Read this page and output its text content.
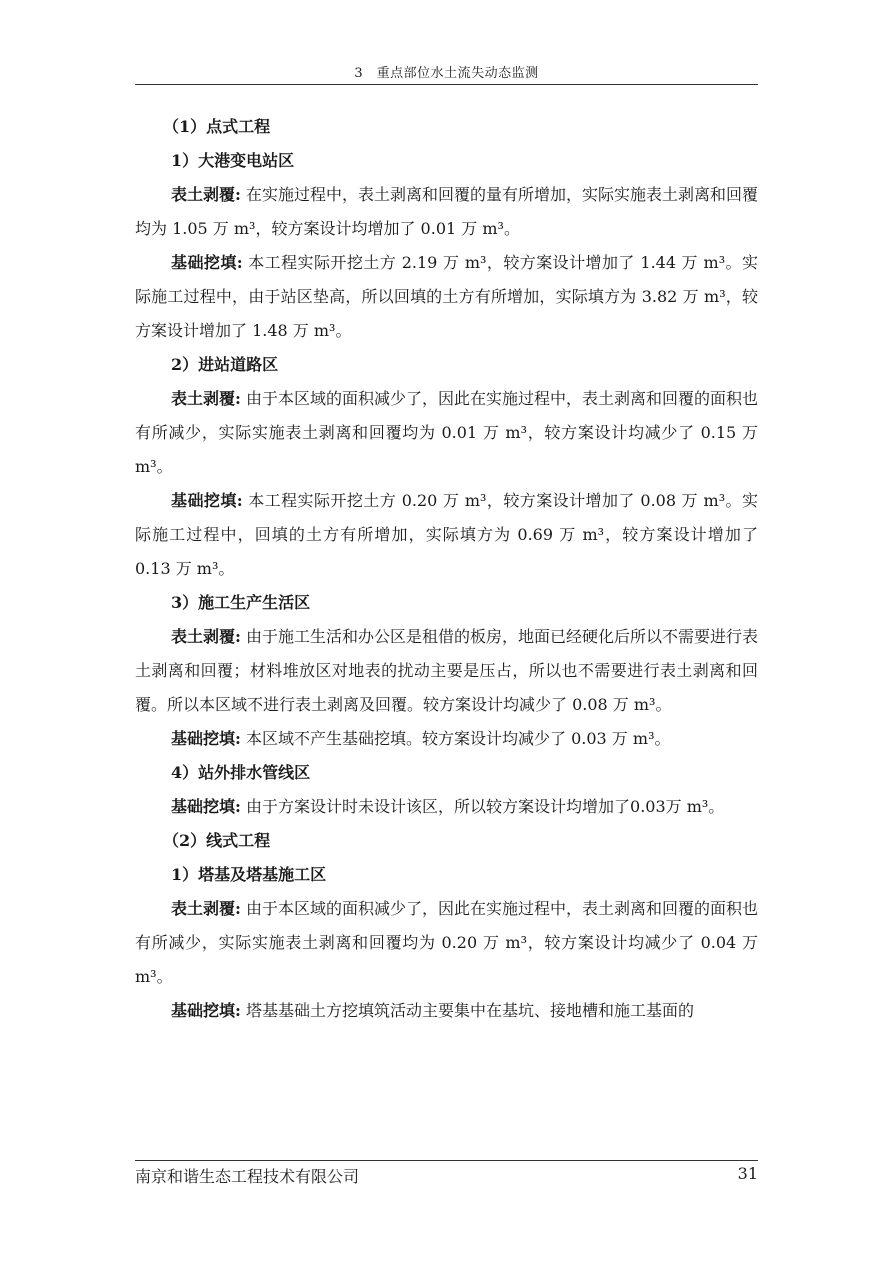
3　重点部位水土流失动态监测
（1）点式工程
1）大港变电站区

表土剥覆: 在实施过程中，表土剥离和回覆的量有所增加，实际实施表土剥离和回覆均为 1.05 万 m³，较方案设计均增加了 0.01 万 m³。

基础挖填: 本工程实际开挖土方 2.19 万 m³，较方案设计增加了 1.44 万 m³。实际施工过程中，由于站区垫高，所以回填的土方有所增加，实际填方为 3.82 万 m³，较方案设计增加了 1.48 万 m³。

2）进站道路区

表土剥覆: 由于本区域的面积减少了，因此在实施过程中，表土剥离和回覆的面积也有所减少，实际实施表土剥离和回覆均为 0.01 万 m³，较方案设计均减少了 0.15 万 m³。

基础挖填: 本工程实际开挖土方 0.20 万 m³，较方案设计增加了 0.08 万 m³。实际施工过程中，回填的土方有所增加，实际填方为 0.69 万 m³，较方案设计增加了 0.13 万 m³。

3）施工生产生活区

表土剥覆: 由于施工生活和办公区是租借的板房，地面已经硬化后所以不需要进行表土剥离和回覆；材料堆放区对地表的扰动主要是压占，所以也不需要进行表土剥离和回覆。所以本区域不进行表土剥离及回覆。较方案设计均减少了 0.08 万 m³。

基础挖填: 本区域不产生基础挖填。较方案设计均减少了 0.03 万 m³。

4）站外排水管线区

基础挖填: 由于方案设计时未设计该区，所以较方案设计均增加了0.03万 m³。

（2）线式工程
1）塔基及塔基施工区

表土剥覆: 由于本区域的面积减少了，因此在实施过程中，表土剥离和回覆的面积也有所减少，实际实施表土剥离和回覆均为 0.20 万 m³，较方案设计均减少了 0.04 万 m³。

基础挖填: 塔基基础土方挖填筑活动主要集中在基坑、接地槽和施工基面的

南京和谐生态工程技术有限公司	31
